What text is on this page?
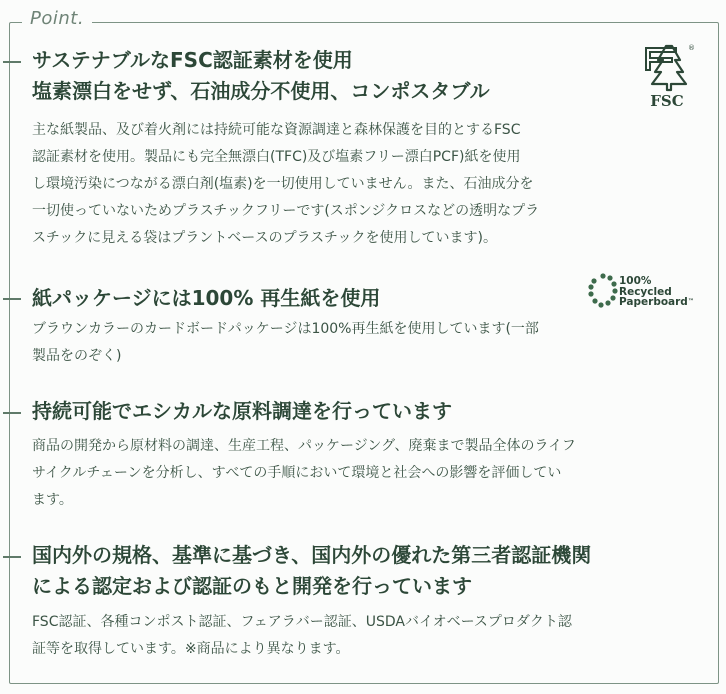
Point.
サステナブルなFSC認証素材を使用
塩素漂白をせず、石油成分不使用、コンポスタブル
主な紙製品、及び着火剤には持続可能な資源調達と森林保護を目的とするFSC
認証素材を使用。製品にも完全無漂白(TFC)及び塩素フリー漂白PCF)紙を使用
し環境汚染につながる漂白剤(塩素)を一切使用していません。また、石油成分を
一切使っていないためプラスチックフリーです(スポンジクロスなどの透明なプラ
スチックに見える袋はプラントベースのプラスチックを使用しています)。
®
FSC
紙パッケージには100% 再生紙を使用
ブラウンカラーのカードボードパッケージは100%再生紙を使用しています(一部
製品をのぞく)
100%
Recycled
Paperboard™
持続可能でエシカルな原料調達を行っています
商品の開発から原材料の調達、生産工程、パッケージング、廃棄まで製品全体のライフ
サイクルチェーンを分析し、すべての手順において環境と社会への影響を評価してい
ます。
国内外の規格、基準に基づき、国内外の優れた第三者認証機関
による認定および認証のもと開発を行っています
FSC認証、各種コンポスト認証、フェアラバー認証、USDAバイオベースプロダクト認
証等を取得しています。※商品により異なります。
